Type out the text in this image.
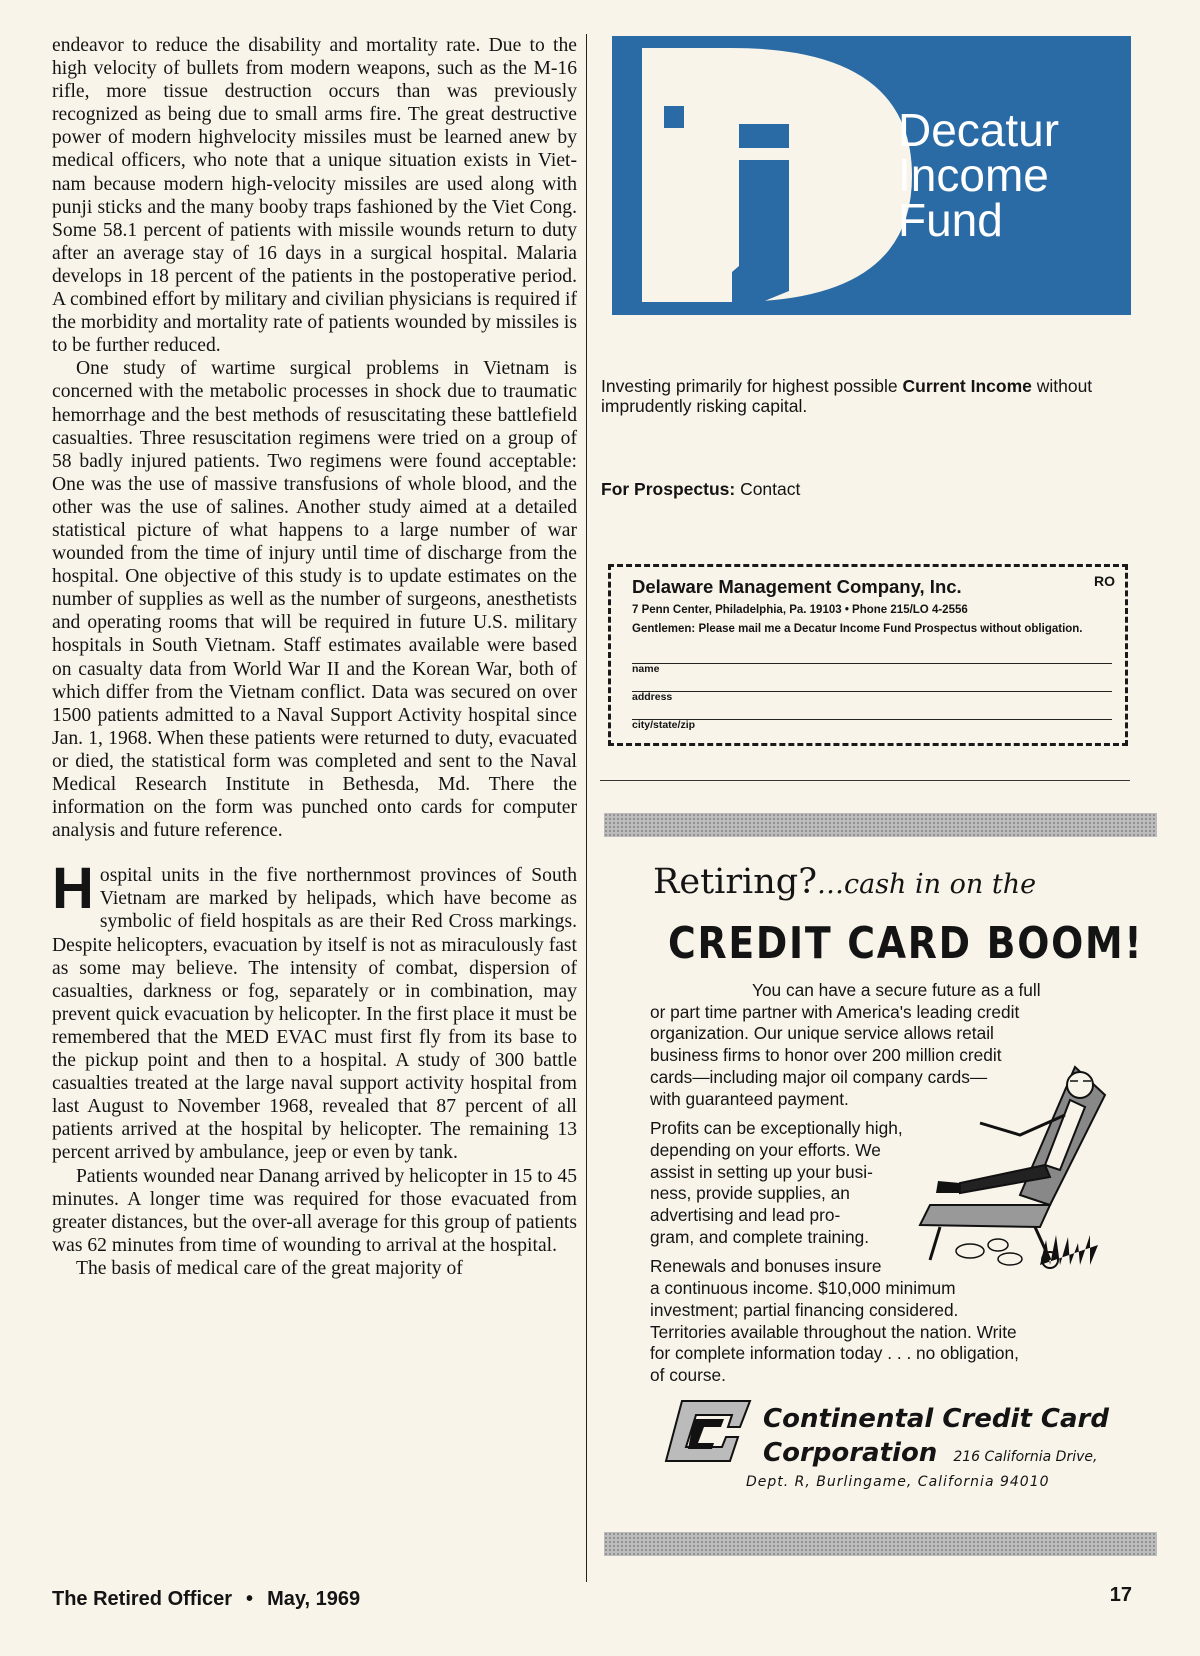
endeavor to reduce the disability and mortality rate. Due to the high velocity of bullets from modern weapons, such as the M-16 rifle, more tissue destruction occurs than was previously recognized as being due to small arms fire. The great destructive power of modern highvelocity missiles must be learned anew by medical officers, who note that a unique situation exists in Vietnam because modern high-velocity missiles are used along with punji sticks and the many booby traps fashioned by the Viet Cong. Some 58.1 percent of patients with missile wounds return to duty after an average stay of 16 days in a surgical hospital. Malaria develops in 18 percent of the patients in the postoperative period. A combined effort by military and civilian physicians is required if the morbidity and mortality rate of patients wounded by missiles is to be further reduced.

One study of wartime surgical problems in Vietnam is concerned with the metabolic processes in shock due to traumatic hemorrhage and the best methods of resuscitating these battlefield casualties. Three resuscitation regimens were tried on a group of 58 badly injured patients. Two regimens were found acceptable: One was the use of massive transfusions of whole blood, and the other was the use of salines. Another study aimed at a detailed statistical picture of what happens to a large number of war wounded from the time of injury until time of discharge from the hospital. One objective of this study is to update estimates on the number of supplies as well as the number of surgeons, anesthetists and operating rooms that will be required in future U.S. military hospitals in South Vietnam. Staff estimates available were based on casualty data from World War II and the Korean War, both of which differ from the Vietnam conflict. Data was secured on over 1500 patients admitted to a Naval Support Activity hospital since Jan. 1, 1968. When these patients were returned to duty, evacuated or died, the statistical form was completed and sent to the Naval Medical Research Institute in Bethesda, Md. There the information on the form was punched onto cards for computer analysis and future reference.

Hospital units in the five northernmost provinces of South Vietnam are marked by helipads, which have become as symbolic of field hospitals as are their Red Cross markings. Despite helicopters, evacuation by itself is not as miraculously fast as some may believe. The intensity of combat, dispersion of casualties, darkness or fog, separately or in combination, may prevent quick evacuation by helicopter. In the first place it must be remembered that the MED EVAC must first fly from its base to the pickup point and then to a hospital. A study of 300 battle casualties treated at the large naval support activity hospital from last August to November 1968, revealed that 87 percent of all patients arrived at the hospital by helicopter. The remaining 13 percent arrived by ambulance, jeep or even by tank.

Patients wounded near Danang arrived by helicopter in 15 to 45 minutes. A longer time was required for those evacuated from greater distances, but the over-all average for this group of patients was 62 minutes from time of wounding to arrival at the hospital.

The basis of medical care of the great majority of

The Retired Officer • May, 1969	17
Decatur
Income
Fund
Investing primarily for highest possible Current Income without imprudently risking capital.
For Prospectus: Contact
RO
Delaware Management Company, Inc.
7 Penn Center, Philadelphia, Pa. 19103 • Phone 215/LO 4-2556
Gentlemen: Please mail me a Decatur Income Fund Prospectus without obligation.
name
address
city/state/zip
Retiring?…cash in on the
CREDIT CARD BOOM!

You can have a secure future as a full
or part time partner with America's leading credit
organization. Our unique service allows retail
business firms to honor over 200 million credit
cards—including major oil company cards—
with guaranteed payment.

Profits can be exceptionally high,
depending on your efforts. We
assist in setting up your busi-
ness, provide supplies, an
advertising and lead pro-
gram, and complete training.

Renewals and bonuses insure
a continuous income. $10,000 minimum
investment; partial financing considered.
Territories available throughout the nation. Write
for complete information today . . . no obligation,
of course.

Continental Credit Card
Corporation 216 California Drive,
Dept. R, Burlingame, California 94010
